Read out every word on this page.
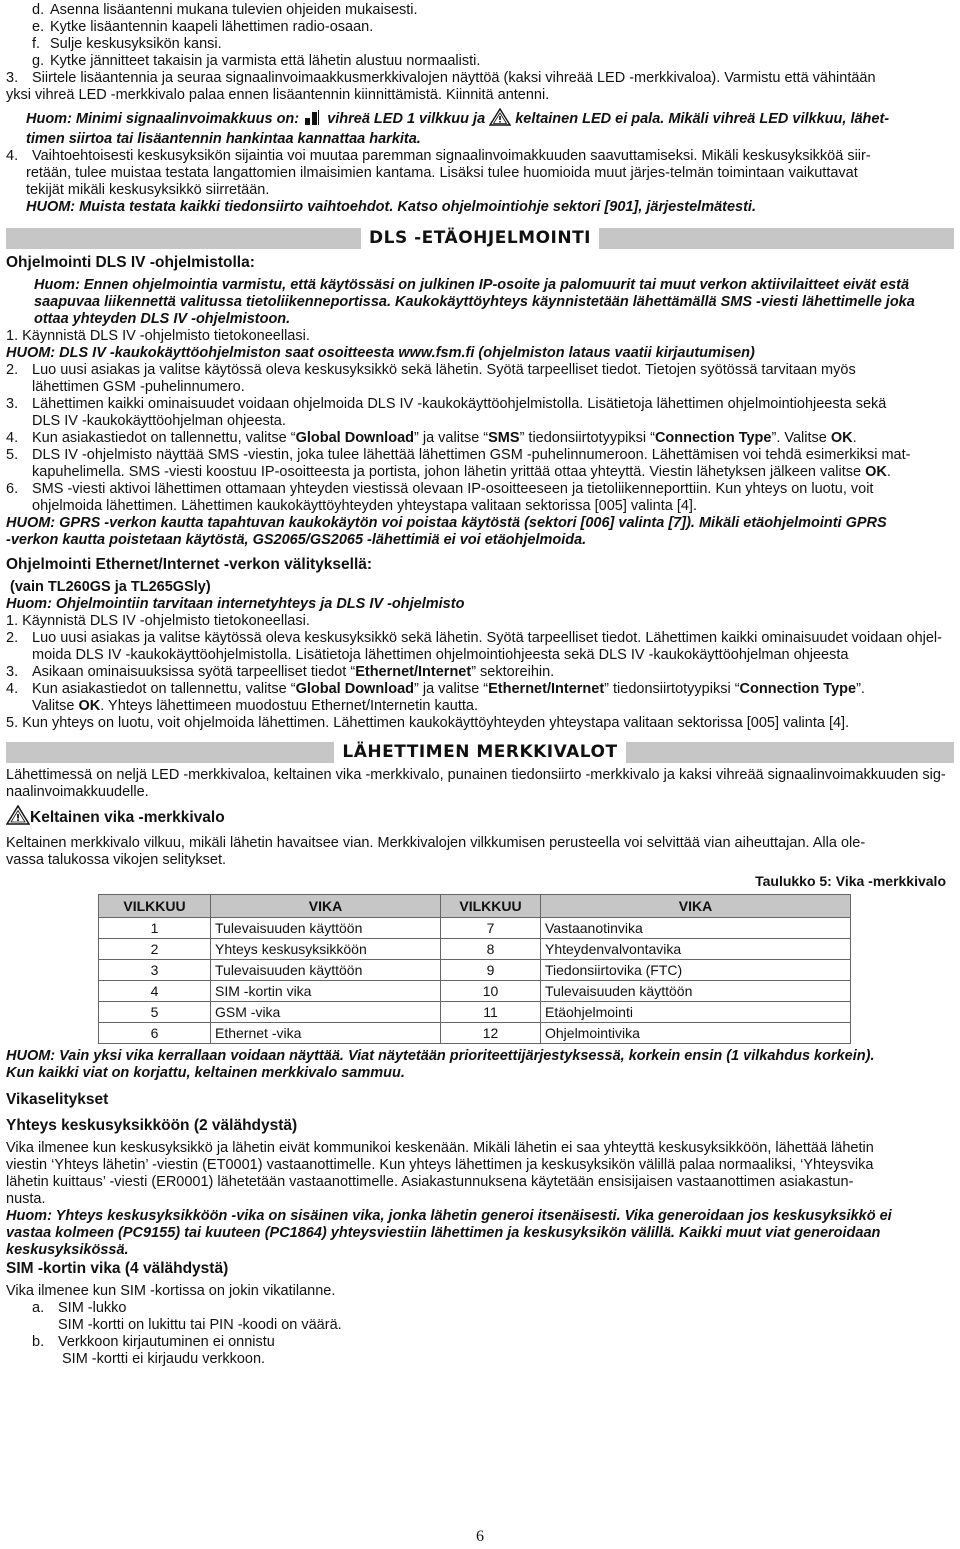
d. Asenna lisäantenni mukana tulevien ohjeiden mukaisesti.
e. Kytke lisäantennin kaapeli lähettimen radio-osaan.
f. Sulje keskusyksikön kansi.
g. Kytke jännitteet takaisin ja varmista että lähetin alustuu normaalisti.
3. Siirtele lisäantennia ja seuraa signaalinvoimaakkusmerkkivalojen näyttöä (kaksi vihreää LED -merkkivaloa). Varmistu että vähintään
yksi vihreä LED -merkkivalo palaa ennen lisäantennin kiinnittämistä. Kiinnitä antenni.
Huom: Minimi signaalinvoimakkuus on: vihreä LED 1 vilkkuu ja keltainen LED ei pala. Mikäli vihreä LED vilkkuu, lähet-
timen siirtoa tai lisäantennin hankintaa kannattaa harkita.
4. Vaihtoehtoisesti keskusyksikön sijaintia voi muutaa paremman signaalinvoimakkuuden saavuttamiseksi. Mikäli keskusyksikköä siir-
retään, tulee muistaa testata langattomien ilmaisimien kantama. Lisäksi tulee huomioida muut järjes-telmän toimintaan vaikuttavat
tekijät mikäli keskusyksikkö siirretään.
HUOM: Muista testata kaikki tiedonsiirto vaihtoehdot. Katso ohjelmointiohje sektori [901], järjestelmätesti.
DLS -ETÄOHJELMOINTI
Ohjelmointi DLS IV -ohjelmistolla:
Huom: Ennen ohjelmointia varmistu, että käytössäsi on julkinen IP-osoite ja palomuurit tai muut verkon aktiivilaitteet eivät estä
saapuvaa liikennettä valitussa tietoliikenneportissa. Kaukokäyttöyhteys käynnistetään lähettämällä SMS -viesti lähettimelle joka
ottaa yhteyden DLS IV -ohjelmistoon.
1. Käynnistä DLS IV -ohjelmisto tietokoneellasi.
HUOM: DLS IV -kaukokäyttöohjelmiston saat osoitteesta www.fsm.fi (ohjelmiston lataus vaatii kirjautumisen)
2. Luo uusi asiakas ja valitse käytössä oleva keskusyksikkö sekä lähetin. Syötä tarpeelliset tiedot. Tietojen syötössä tarvitaan myös
lähettimen GSM -puhelinnumero.
3. Lähettimen kaikki ominaisuudet voidaan ohjelmoida DLS IV -kaukokäyttöohjelmistolla. Lisätietoja lähettimen ohjelmointiohjeesta sekä
DLS IV -kaukokäyttöohjelman ohjeesta.
4. Kun asiakastiedot on tallennettu, valitse “Global Download” ja valitse “SMS” tiedonsiirtotyypiksi “Connection Type”. Valitse OK.
5. DLS IV -ohjelmisto näyttää SMS -viestin, joka tulee lähettää lähettimen GSM -puhelinnumeroon. Lähettämisen voi tehdä esimerkiksi mat-
kapuhelimella. SMS -viesti koostuu IP-osoitteesta ja portista, johon lähetin yrittää ottaa yhteyttä. Viestin lähetyksen jälkeen valitse OK.
6. SMS -viesti aktivoi lähettimen ottamaan yhteyden viestissä olevaan IP-osoitteeseen ja tietoliikenneporttiin. Kun yhteys on luotu, voit
ohjelmoida lähettimen. Lähettimen kaukokäyttöyhteyden yhteystapa valitaan sektorissa [005] valinta [4].
HUOM: GPRS -verkon kautta tapahtuvan kaukokäytön voi poistaa käytöstä (sektori [006] valinta [7]). Mikäli etäohjelmointi GPRS
-verkon kautta poistetaan käytöstä, GS2065/GS2065 -lähettimiä ei voi etäohjelmoida.
Ohjelmointi Ethernet/Internet -verkon välityksellä:
(vain TL260GS ja TL265GSly)
Huom: Ohjelmointiin tarvitaan internetyhteys ja DLS IV -ohjelmisto
1. Käynnistä DLS IV -ohjelmisto tietokoneellasi.
2. Luo uusi asiakas ja valitse käytössä oleva keskusyksikkö sekä lähetin. Syötä tarpeelliset tiedot. Lähettimen kaikki ominaisuudet voidaan ohjel-
moida DLS IV -kaukokäyttöohjelmistolla. Lisätietoja lähettimen ohjelmointiohjeesta sekä DLS IV -kaukokäyttöohjelman ohjeesta
3. Asikaan ominaisuuksissa syötä tarpeelliset tiedot “Ethernet/Internet” sektoreihin.
4. Kun asiakastiedot on tallennettu, valitse “Global Download” ja valitse “Ethernet/Internet” tiedonsiirtotyypiksi “Connection Type”.
Valitse OK. Yhteys lähettimeen muodostuu Ethernet/Internetin kautta.
5. Kun yhteys on luotu, voit ohjelmoida lähettimen. Lähettimen kaukokäyttöyhteyden yhteystapa valitaan sektorissa [005] valinta [4].
LÄHETTIMEN MERKKIVALOT
Lähettimessä on neljä LED -merkkivaloa, keltainen vika -merkkivalo, punainen tiedonsiirto -merkkivalo ja kaksi vihreää signaalinvoimakkuuden sig-
naalinvoimakkuudelle.
Keltainen vika -merkkivalo
Keltainen merkkivalo vilkuu, mikäli lähetin havaitsee vian. Merkkivalojen vilkkumisen perusteella voi selvittää vian aiheuttajan. Alla ole-
vassa talukossa vikojen selitykset.
Taulukko 5: Vika -merkkivalo
VILKKUU	VIKA	VILKKUU	VIKA
1	Tulevaisuuden käyttöön	7	Vastaanotinvika
2	Yhteys keskusyksikköön	8	Yhteydenvalvontavika
3	Tulevaisuuden käyttöön	9	Tiedonsiirtovika (FTC)
4	SIM -kortin vika	10	Tulevaisuuden käyttöön
5	GSM -vika	11	Etäohjelmointi
6	Ethernet -vika	12	Ohjelmointivika
HUOM: Vain yksi vika kerrallaan voidaan näyttää. Viat näytetään prioriteettijärjestyksessä, korkein ensin (1 vilkahdus korkein).
Kun kaikki viat on korjattu, keltainen merkkivalo sammuu.
Vikaselitykset
Yhteys keskusyksikköön (2 välähdystä)
Vika ilmenee kun keskusyksikkö ja lähetin eivät kommunikoi keskenään. Mikäli lähetin ei saa yhteyttä keskusyksikköön, lähettää lähetin
viestin ‘Yhteys lähetin’ -viestin (ET0001) vastaanottimelle. Kun yhteys lähettimen ja keskusyksikön välillä palaa normaaliksi, ‘Yhteysvika
lähetin kuittaus’ -viesti (ER0001) lähetetään vastaanottimelle. Asiakastunnuksena käytetään ensisijaisen vastaanottimen asiakastun-
nusta.
Huom: Yhteys keskusyksikköön -vika on sisäinen vika, jonka lähetin generoi itsenäisesti. Vika generoidaan jos keskusyksikkö ei
vastaa kolmeen (PC9155) tai kuuteen (PC1864) yhteysviestiin lähettimen ja keskusyksikön välillä. Kaikki muut viat generoidaan
keskusyksikössä.
SIM -kortin vika (4 välähdystä)
Vika ilmenee kun SIM -kortissa on jokin vikatilanne.
a. SIM -lukko
SIM -kortti on lukittu tai PIN -koodi on väärä.
b. Verkkoon kirjautuminen ei onnistu
SIM -kortti ei kirjaudu verkkoon.
6
